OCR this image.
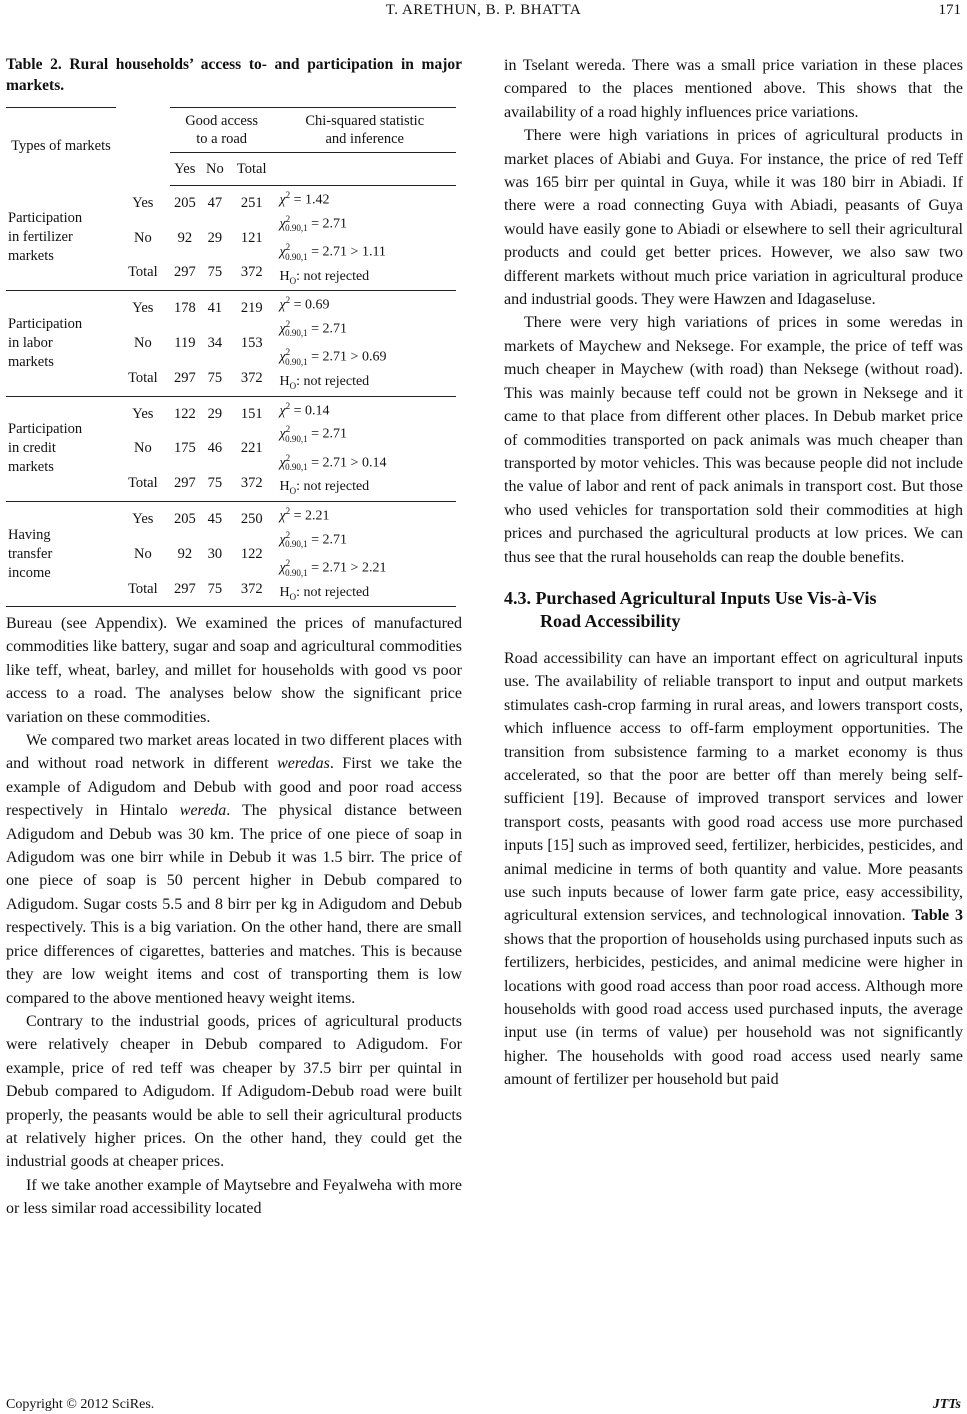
T. ARETHUN, B. P. BHATTA	171

Table 2. Rural households’ access to- and participation in major markets.

Types of markets		Good access
to a road			Chi-squared statistic
and inference
		Yes	No	Total	
Participation
in fertilizer
markets	Yes	205	47	251	$\chi^2 = 1.42$
$\chi^2_{0.90,1} = 2.71$
$\chi^2_{0.90,1} = 2.71 > 1.11$
$H_O$: not rejected

	No	92	29	121	
	Total	297	75	372	
Participation
in labor
markets	Yes	178	41	219	$\chi^2 = 0.69$
$\chi^2_{0.90,1} = 2.71$
$\chi^2_{0.90,1} = 2.71 > 0.69$
$H_O$: not rejected

	No	119	34	153	
	Total	297	75	372	
Participation
in credit
markets	Yes	122	29	151	$\chi^2 = 0.14$
$\chi^2_{0.90,1} = 2.71$
$\chi^2_{0.90,1} = 2.71 > 0.14$
$H_O$: not rejected

	No	175	46	221	
	Total	297	75	372	
Having
transfer
income	Yes	205	45	250	$\chi^2 = 2.21$
$\chi^2_{0.90,1} = 2.71$
$\chi^2_{0.90,1} = 2.71 > 2.21$
$H_O$: not rejected

	No	92	30	122	
	Total	297	75	372	

Bureau (see Appendix). We examined the prices of manufactured commodities like battery, sugar and soap and agricultural commodities like teff, wheat, barley, and millet for households with good vs poor access to a road. The analyses below show the significant price variation on these commodities.

We compared two market areas located in two different places with and without road network in different weredas. First we take the example of Adigudom and Debub with good and poor road access respectively in Hintalo wereda. The physical distance between Adigudom and Debub was 30 km. The price of one piece of soap in Adigudom was one birr while in Debub it was 1.5 birr. The price of one piece of soap is 50 percent higher in Debub compared to Adigudom. Sugar costs 5.5 and 8 birr per kg in Adigudom and Debub respectively. This is a big variation. On the other hand, there are small price differences of cigarettes, batteries and matches. This is because they are low weight items and cost of transporting them is low compared to the above mentioned heavy weight items.

Contrary to the industrial goods, prices of agricultural products were relatively cheaper in Debub compared to Adigudom. For example, price of red teff was cheaper by 37.5 birr per quintal in Debub compared to Adigudom. If Adigudom-Debub road were built properly, the peasants would be able to sell their agricultural products at relatively higher prices. On the other hand, they could get the industrial goods at cheaper prices.

If we take another example of Maytsebre and Feyalweha with more or less similar road accessibility located

in Tselant wereda. There was a small price variation in these places compared to the places mentioned above. This shows that the availability of a road highly influences price variations.

There were high variations in prices of agricultural products in market places of Abiabi and Guya. For instance, the price of red Teff was 165 birr per quintal in Guya, while it was 180 birr in Abiadi. If there were a road connecting Guya with Abiadi, peasants of Guya would have easily gone to Abiadi or elsewhere to sell their agricultural products and could get better prices. However, we also saw two different markets without much price variation in agricultural produce and industrial goods. They were Hawzen and Idagaseluse.

There were very high variations of prices in some weredas in markets of Maychew and Neksege. For example, the price of teff was much cheaper in Maychew (with road) than Neksege (without road). This was mainly because teff could not be grown in Neksege and it came to that place from different other places. In Debub market price of commodities transported on pack animals was much cheaper than transported by motor vehicles. This was because people did not include the value of labor and rent of pack animals in transport cost. But those who used vehicles for transportation sold their commodities at high prices and purchased the agricultural products at low prices. We can thus see that the rural households can reap the double benefits.

4.3. Purchased Agricultural Inputs Use Vis-à-Vis
Road Accessibility

Road accessibility can have an important effect on agricultural inputs use. The availability of reliable transport to input and output markets stimulates cash-crop farming in rural areas, and lowers transport costs, which influence access to off-farm employment opportunities. The transition from subsistence farming to a market economy is thus accelerated, so that the poor are better off than merely being self-sufficient [19]. Because of improved transport services and lower transport costs, peasants with good road access use more purchased inputs [15] such as improved seed, fertilizer, herbicides, pesticides, and animal medicine in terms of both quantity and value. More peasants use such inputs because of lower farm gate price, easy accessibility, agricultural extension services, and technological innovation. Table 3 shows that the proportion of households using purchased inputs such as fertilizers, herbicides, pesticides, and animal medicine were higher in locations with good road access than poor road access. Although more households with good road access used purchased inputs, the average input use (in terms of value) per household was not significantly higher. The households with good road access used nearly same amount of fertilizer per household but paid

Copyright © 2012 SciRes.	JTTs
